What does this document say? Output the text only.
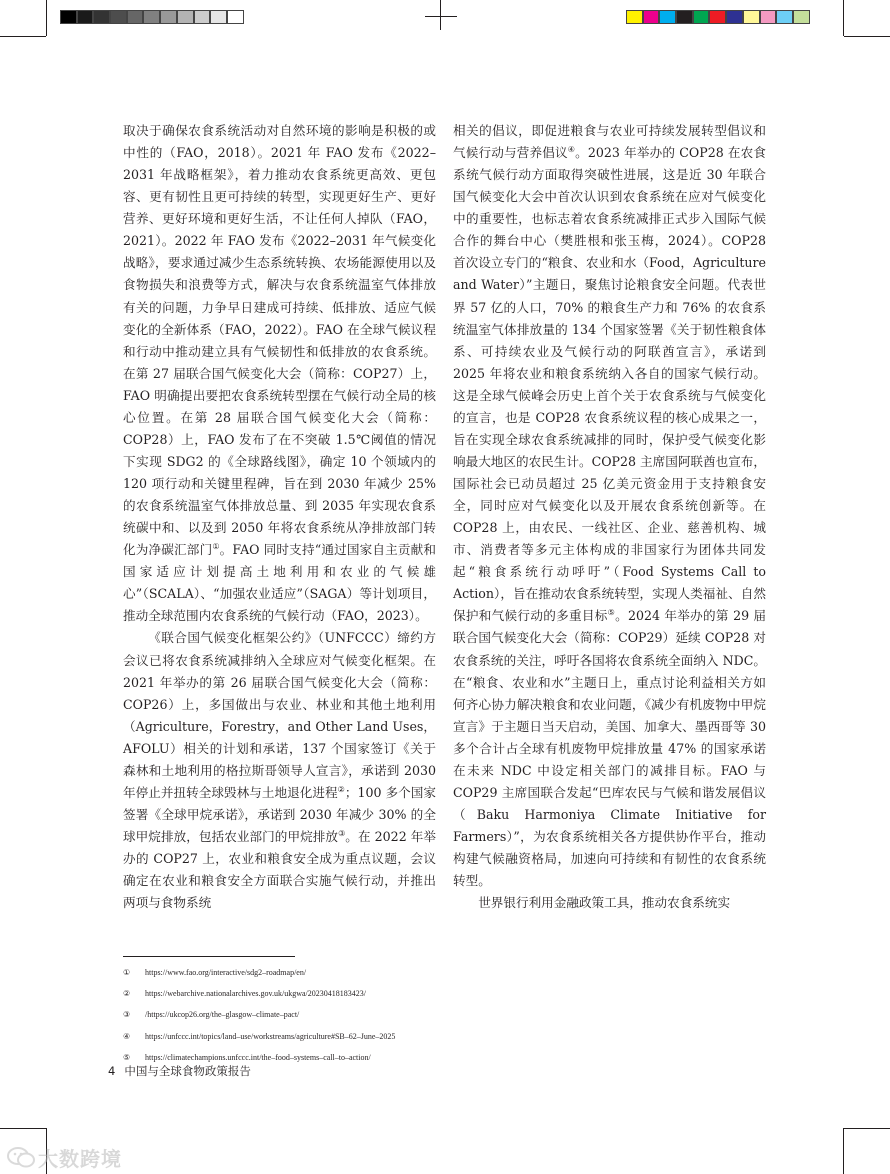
取决于确保农食系统活动对自然环境的影响是积极的或中性的（FAO，2018）。2021 年 FAO 发布《2022–2031 年战略框架》，着力推动农食系统更高效、更包容、更有韧性且更可持续的转型，实现更好生产、更好营养、更好环境和更好生活，不让任何人掉队（FAO，2021）。2022 年 FAO 发布《2022–2031 年气候变化战略》，要求通过减少生态系统转换、农场能源使用以及食物损失和浪费等方式，解决与农食系统温室气体排放有关的问题，力争早日建成可持续、低排放、适应气候变化的全新体系（FAO，2022）。FAO 在全球气候议程和行动中推动建立具有气候韧性和低排放的农食系统。在第 27 届联合国气候变化大会（简称：COP27）上，FAO 明确提出要把农食系统转型摆在气候行动全局的核心位置。在第 28 届联合国气候变化大会（简称：COP28）上，FAO 发布了在不突破 1.5℃阈值的情况下实现 SDG2 的《全球路线图》，确定 10 个领域内的 120 项行动和关键里程碑，旨在到 2030 年减少 25% 的农食系统温室气体排放总量、到 2035 年实现农食系统碳中和、以及到 2050 年将农食系统从净排放部门转化为净碳汇部门①。FAO 同时支持“通过国家自主贡献和国家适应计划提高土地利用和农业的气候雄心”（SCALA）、“加强农业适应”（SAGA）等计划项目，推动全球范围内农食系统的气候行动（FAO，2023）。

《联合国气候变化框架公约》（UNFCCC）缔约方会议已将农食系统减排纳入全球应对气候变化框架。在 2021 年举办的第 26 届联合国气候变化大会（简称：COP26）上，多国做出与农业、林业和其他土地利用（Agriculture，Forestry，and Other Land Uses，AFOLU）相关的计划和承诺，137 个国家签订《关于森林和土地利用的格拉斯哥领导人宣言》，承诺到 2030 年停止并扭转全球毁林与土地退化进程②；100 多个国家签署《全球甲烷承诺》，承诺到 2030 年减少 30% 的全球甲烷排放，包括农业部门的甲烷排放③。在 2022 年举办的 COP27 上，农业和粮食安全成为重点议题，会议确定在农业和粮食安全方面联合实施气候行动，并推出两项与食物系统

相关的倡议，即促进粮食与农业可持续发展转型倡议和气候行动与营养倡议④。2023 年举办的 COP28 在农食系统气候行动方面取得突破性进展，这是近 30 年联合国气候变化大会中首次认识到农食系统在应对气候变化中的重要性，也标志着农食系统减排正式步入国际气候合作的舞台中心（樊胜根和张玉梅，2024）。COP28 首次设立专门的“粮食、农业和水（Food，Agriculture and Water）”主题日，聚焦讨论粮食安全问题。代表世界 57 亿的人口，70% 的粮食生产力和 76% 的农食系统温室气体排放量的 134 个国家签署《关于韧性粮食体系、可持续农业及气候行动的阿联酋宣言》，承诺到 2025 年将农业和粮食系统纳入各自的国家气候行动。这是全球气候峰会历史上首个关于农食系统与气候变化的宣言，也是 COP28 农食系统议程的核心成果之一，旨在实现全球农食系统减排的同时，保护受气候变化影响最大地区的农民生计。COP28 主席国阿联酋也宣布，国际社会已动员超过 25 亿美元资金用于支持粮食安全，同时应对气候变化以及开展农食系统创新等。在 COP28 上，由农民、一线社区、企业、慈善机构、城市、消费者等多元主体构成的非国家行为团体共同发起“粮食系统行动呼吁”（Food Systems Call to Action），旨在推动农食系统转型，实现人类福祉、自然保护和气候行动的多重目标⑤。2024 年举办的第 29 届联合国气候变化大会（简称：COP29）延续 COP28 对农食系统的关注，呼吁各国将农食系统全面纳入 NDC。在“粮食、农业和水”主题日上，重点讨论利益相关方如何齐心协力解决粮食和农业问题，《减少有机废物中甲烷宣言》于主题日当天启动，美国、加拿大、墨西哥等 30 多个合计占全球有机废物甲烷排放量 47% 的国家承诺在未来 NDC 中设定相关部门的减排目标。FAO 与 COP29 主席国联合发起“巴库农民与气候和谐发展倡议（Baku Harmoniya Climate Initiative for Farmers）”，为农食系统相关各方提供协作平台，推动构建气候融资格局，加速向可持续和有韧性的农食系统转型。

世界银行利用金融政策工具，推动农食系统实

①	https://www.fao.org/interactive/sdg2–roadmap/en/
②	https://webarchive.nationalarchives.gov.uk/ukgwa/20230418183423/
③	/https://ukcop26.org/the–glasgow–climate–pact/
④	https://unfccc.int/topics/land–use/workstreams/agriculture#SB–62–June–2025
⑤	https://climatechampions.unfccc.int/the–food–systems–call–to–action/
4 中国与全球食物政策报告
大数跨境
